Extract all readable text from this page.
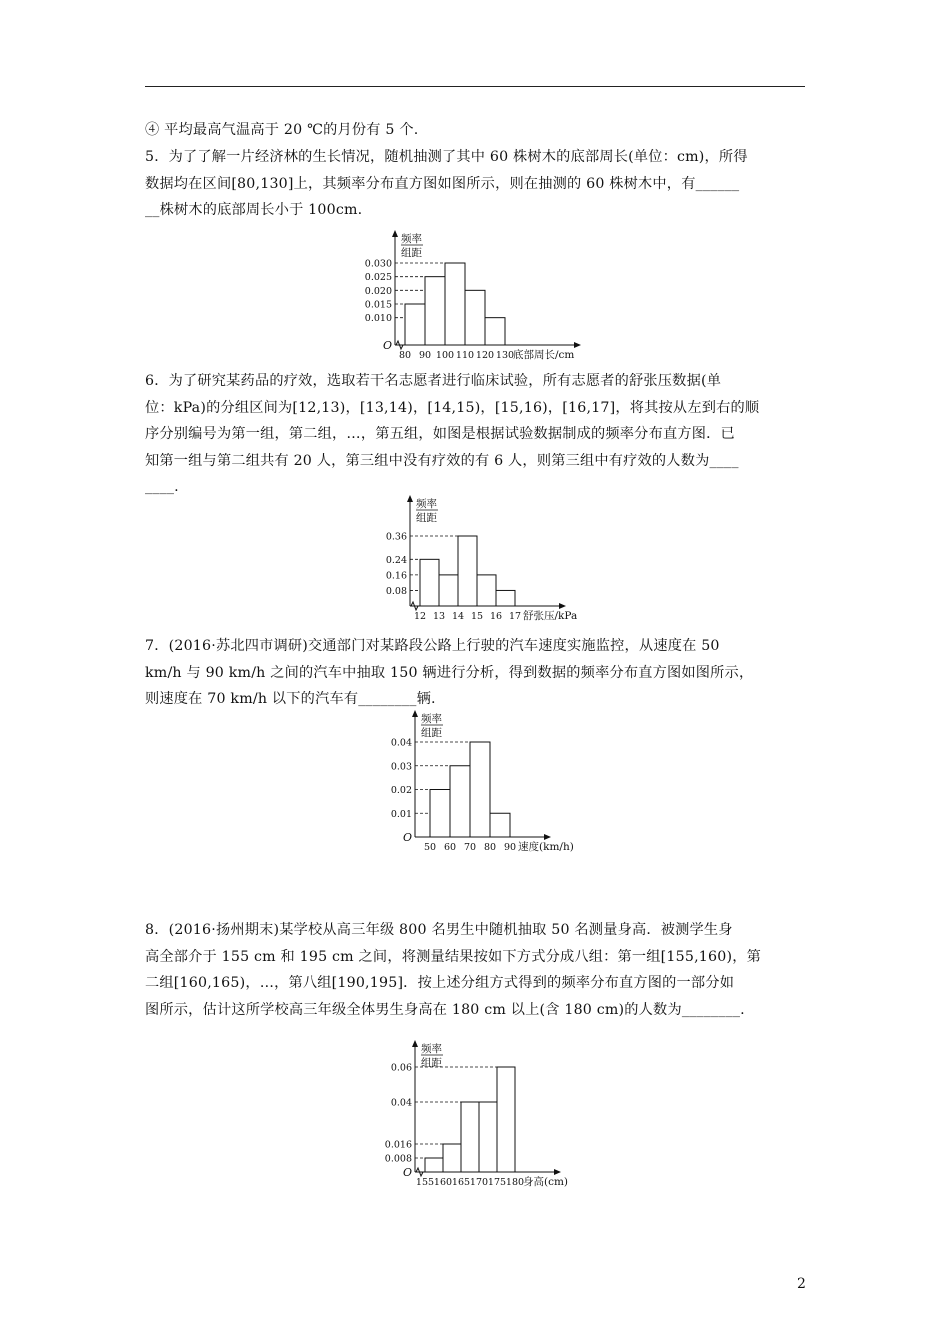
④ 平均最高气温高于 20 ℃的月份有 5 个.

5．为了了解一片经济林的生长情况，随机抽测了其中 60 株树木的底部周长(单位：cm)，所得
数据均在区间[80,130]上，其频率分布直方图如图所示，则在抽测的 60 株树木中，有______
__株树木的底部周长小于 100cm.
频率
组距
O
0.030
0.025
0.020
0.015
0.010
80 90 100 110 120 130
底部周长/cm
6．为了研究某药品的疗效，选取若干名志愿者进行临床试验，所有志愿者的舒张压数据(单
位：kPa)的分组区间为[12,13)，[13,14)，[14,15)，[15,16)，[16,17]，将其按从左到右的顺
序分别编号为第一组，第二组，…，第五组，如图是根据试验数据制成的频率分布直方图．已
知第一组与第二组共有 20 人，第三组中没有疗效的有 6 人，则第三组中有疗效的人数为____
____.
频率
组距
0.36
0.24
0.16
0.08
12 13 14 15 16 17 舒张压/kPa
7．(2016·苏北四市调研)交通部门对某路段公路上行驶的汽车速度实施监控，从速度在 50
km/h 与 90 km/h 之间的汽车中抽取 150 辆进行分析，得到数据的频率分布直方图如图所示，
则速度在 70 km/h 以下的汽车有________辆.
频率
组距
O
0.04
0.03
0.02
0.01
50 60 70 80 90 速度(km/h)
8．(2016·扬州期末)某学校从高三年级 800 名男生中随机抽取 50 名测量身高．被测学生身
高全部介于 155 cm 和 195 cm 之间，将测量结果按如下方式分成八组：第一组[155,160)，第
二组[160,165)，…，第八组[190,195]．按上述分组方式得到的频率分布直方图的一部分如
图所示，估计这所学校高三年级全体男生身高在 180 cm 以上(含 180 cm)的人数为________.
频率
组距
O
0.06
0.04
0.016
0.008
155 160 165 170 175 180
身高(cm)
2
